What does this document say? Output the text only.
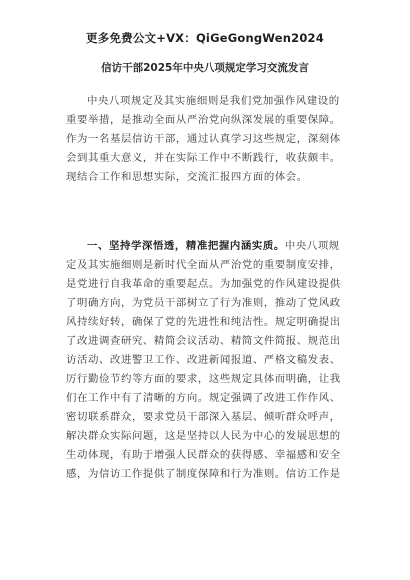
更多免费公文+VX：QiGeGongWen2024
信访干部2025年中央八项规定学习交流发言
中央八项规定及其实施细则是我们党加强作风建设的
重要举措，是推动全面从严治党向纵深发展的重要保障。
作为一名基层信访干部，通过认真学习这些规定，深刻体
会到其重大意义，并在实际工作中不断践行，收获颇丰。
现结合工作和思想实际，交流汇报四方面的体会。
一、坚持学深悟透，精准把握内涵实质。中央八项规
定及其实施细则是新时代全面从严治党的重要制度安排，
是党进行自我革命的重要起点。为加强党的作风建设提供
了明确方向，为党员干部树立了行为准则，推动了党风政
风持续好转，确保了党的先进性和纯洁性。规定明确提出
了改进调查研究、精简会议活动、精简文件简报、规范出
访活动、改进警卫工作、改进新闻报道、严格文稿发表、
厉行勤俭节约等方面的要求，这些规定具体而明确，让我
们在工作中有了清晰的方向。规定强调了改进工作作风、
密切联系群众，要求党员干部深入基层、倾听群众呼声，
解决群众实际问题，这是坚持以人民为中心的发展思想的
生动体现，有助于增强人民群众的获得感、幸福感和安全
感，为信访工作提供了制度保障和行为准则。信访工作是
